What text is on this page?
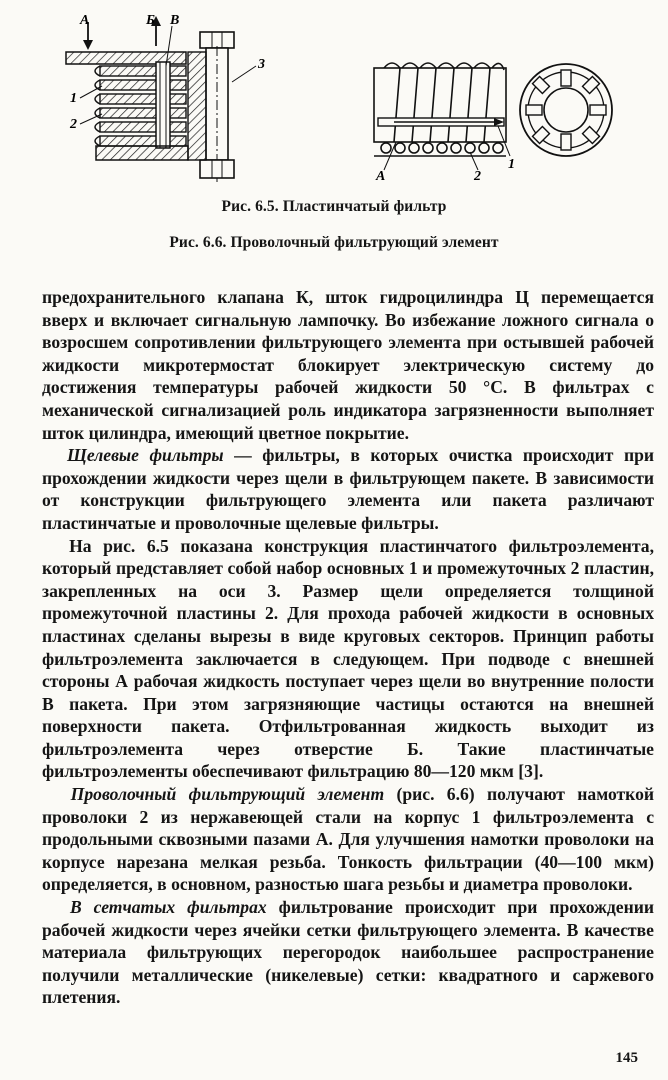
А	Б В
1
2
3
А	2
1
Рис. 6.5. Пластинчатый фильтр
Рис. 6.6. Проволочный фильтрующий элемент

предохранительного клапана К, шток гидроцилиндра Ц перемещается вверх и включает сигнальную лампочку. Во избежание ложного сигнала о возросшем сопротивлении фильтрующего элемента при остывшей рабочей жидкости микротермостат блокирует электрическую систему до достижения температуры рабочей жидкости 50 °С. В фильтрах с механической сигнализацией роль индикатора загрязненности выполняет шток цилиндра, имеющий цветное покрытие.

Щелевые фильтры — фильтры, в которых очистка происходит при прохождении жидкости через щели в фильтрующем пакете. В зависимости от конструкции фильтрующего элемента или пакета различают пластинчатые и проволочные щелевые фильтры.

На рис. 6.5 показана конструкция пластинчатого фильтроэлемента, который представляет собой набор основных 1 и промежуточных 2 пластин, закрепленных на оси 3. Размер щели определяется толщиной промежуточной пластины 2. Для прохода рабочей жидкости в основных пластинах сделаны вырезы в виде круговых секторов. Принцип работы фильтроэлемента заключается в следующем. При подводе с внешней стороны А рабочая жидкость поступает через щели во внутренние полости В пакета. При этом загрязняющие частицы остаются на внешней поверхности пакета. Отфильтрованная жидкость выходит из фильтроэлемента через отверстие Б. Такие пластинчатые фильтроэлементы обеспечивают фильтрацию 80—120 мкм [3].

Проволочный фильтрующий элемент (рис. 6.6) получают намоткой проволоки 2 из нержавеющей стали на корпус 1 фильтроэлемента с продольными сквозными пазами А. Для улучшения намотки проволоки на корпусе нарезана мелкая резьба. Тонкость фильтрации (40—100 мкм) определяется, в основном, разностью шага резьбы и диаметра проволоки.

В сетчатых фильтрах фильтрование происходит при прохождении рабочей жидкости через ячейки сетки фильтрующего элемента. В качестве материала фильтрующих перегородок наибольшее распространение получили металлические (никелевые) сетки: квадратного и саржевого плетения.

145
